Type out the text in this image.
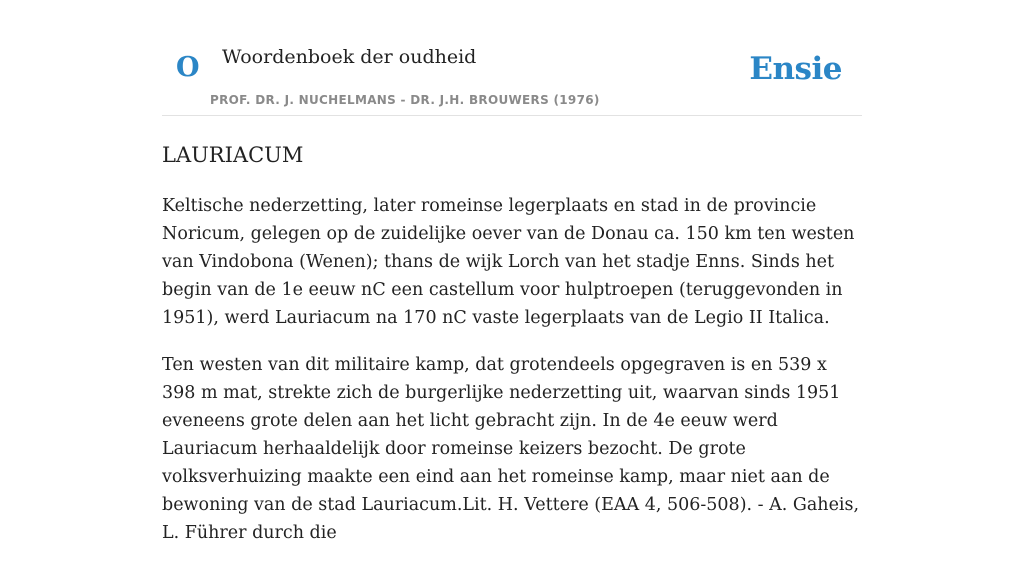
O Woordenboek der oudheid
PROF. DR. J. NUCHELMANS - DR. J.H. BROUWERS (1976)
Ensie
LAURIACUM

Keltische nederzetting, later romeinse legerplaats en stad in de provincie Noricum, gelegen op de zuidelijke oever van de Donau ca. 150 km ten westen van Vindobona (Wenen); thans de wijk Lorch van het stadje Enns. Sinds het begin van de 1e eeuw nC een castellum voor hulptroepen (teruggevonden in 1951), werd Lauriacum na 170 nC vaste legerplaats van de Legio II Italica.

Ten westen van dit militaire kamp, dat grotendeels opgegraven is en 539 x 398 m mat, strekte zich de burgerlijke nederzetting uit, waarvan sinds 1951 eveneens grote delen aan het licht gebracht zijn. In de 4e eeuw werd Lauriacum herhaaldelijk door romeinse keizers bezocht. De grote volksverhuizing maakte een eind aan het romeinse kamp, maar niet aan de bewoning van de stad Lauriacum.Lit. H. Vettere (EAA 4, 506-508). - A. Gaheis, L. Führer durch die
